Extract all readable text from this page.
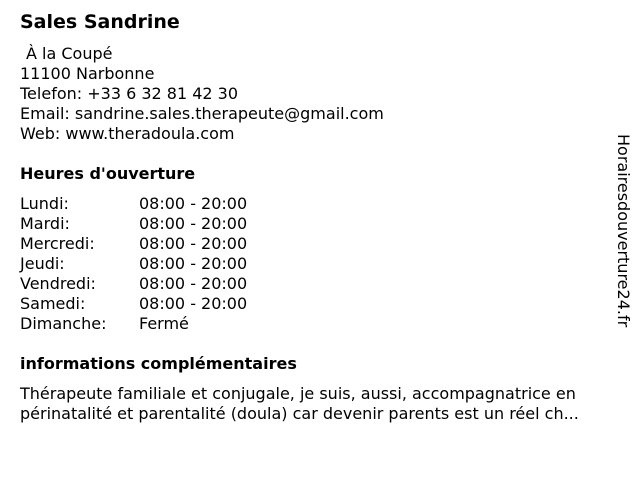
Sales Sandrine
À la Coupé
11100 Narbonne
Telefon: +33 6 32 81 42 30
Email: sandrine.sales.therapeute@gmail.com
Web: www.theradoula.com
Heures d'ouverture
Lundi:	08:00 - 20:00
Mardi:	08:00 - 20:00
Mercredi:	08:00 - 20:00
Jeudi:	08:00 - 20:00
Vendredi:	08:00 - 20:00
Samedi:	08:00 - 20:00
Dimanche:	Fermé
informations complémentaires
Thérapeute familiale et conjugale, je suis, aussi, accompagnatrice en
périnatalité et parentalité (doula) car devenir parents est un réel ch...
Horairesdouverture24.fr
